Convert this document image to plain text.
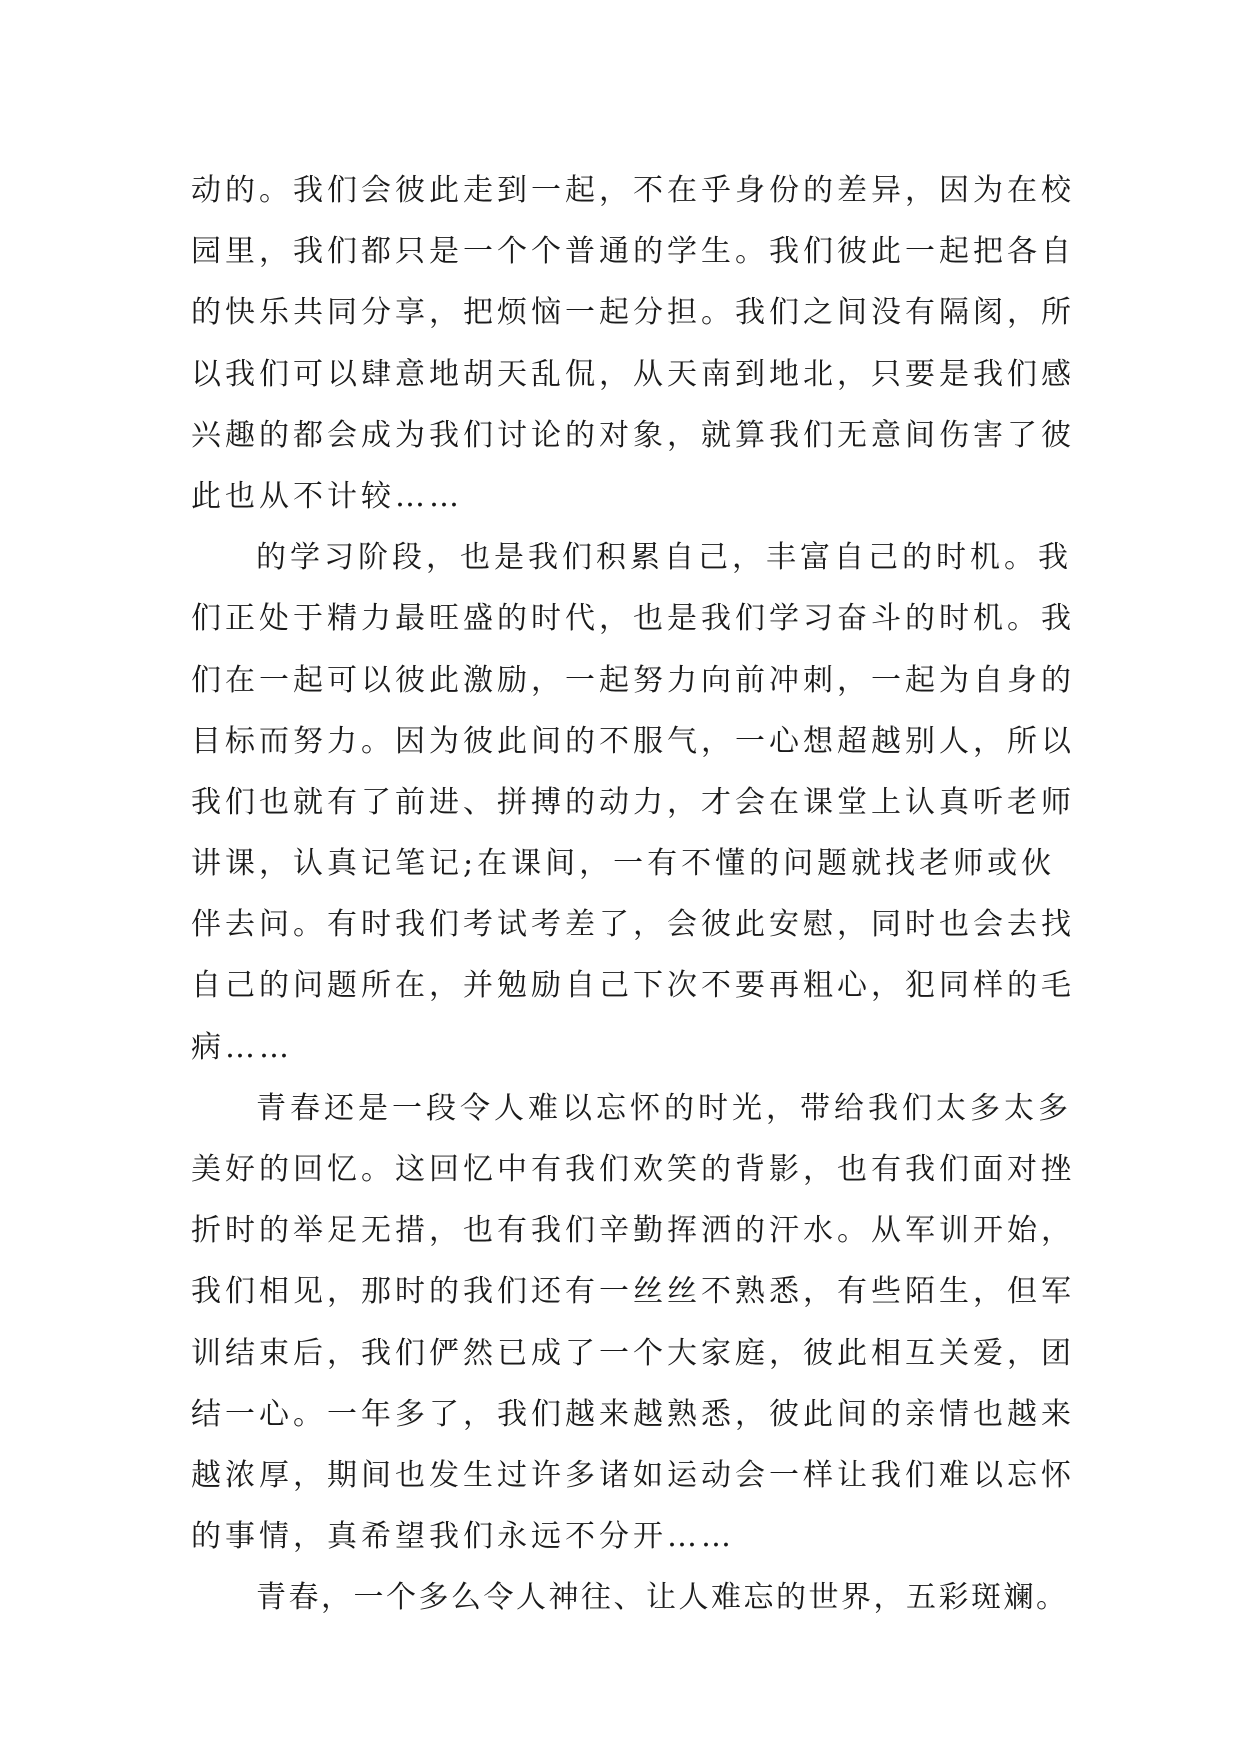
动的。我们会彼此走到一起，不在乎身份的差异，因为在校
园里，我们都只是一个个普通的学生。我们彼此一起把各自
的快乐共同分享，把烦恼一起分担。我们之间没有隔阂，所
以我们可以肆意地胡天乱侃，从天南到地北，只要是我们感
兴趣的都会成为我们讨论的对象，就算我们无意间伤害了彼
此也从不计较……
的学习阶段，也是我们积累自己，丰富自己的时机。我
们正处于精力最旺盛的时代，也是我们学习奋斗的时机。我
们在一起可以彼此激励，一起努力向前冲刺，一起为自身的
目标而努力。因为彼此间的不服气，一心想超越别人，所以
我们也就有了前进、拼搏的动力，才会在课堂上认真听老师
讲课，认真记笔记;在课间，一有不懂的问题就找老师或伙
伴去问。有时我们考试考差了，会彼此安慰，同时也会去找
自己的问题所在，并勉励自己下次不要再粗心，犯同样的毛
病……
青春还是一段令人难以忘怀的时光，带给我们太多太多
美好的回忆。这回忆中有我们欢笑的背影，也有我们面对挫
折时的举足无措，也有我们辛勤挥洒的汗水。从军训开始，
我们相见，那时的我们还有一丝丝不熟悉，有些陌生，但军
训结束后，我们俨然已成了一个大家庭，彼此相互关爱，团
结一心。一年多了，我们越来越熟悉，彼此间的亲情也越来
越浓厚，期间也发生过许多诸如运动会一样让我们难以忘怀
的事情，真希望我们永远不分开……
青春，一个多么令人神往、让人难忘的世界，五彩斑斓。
